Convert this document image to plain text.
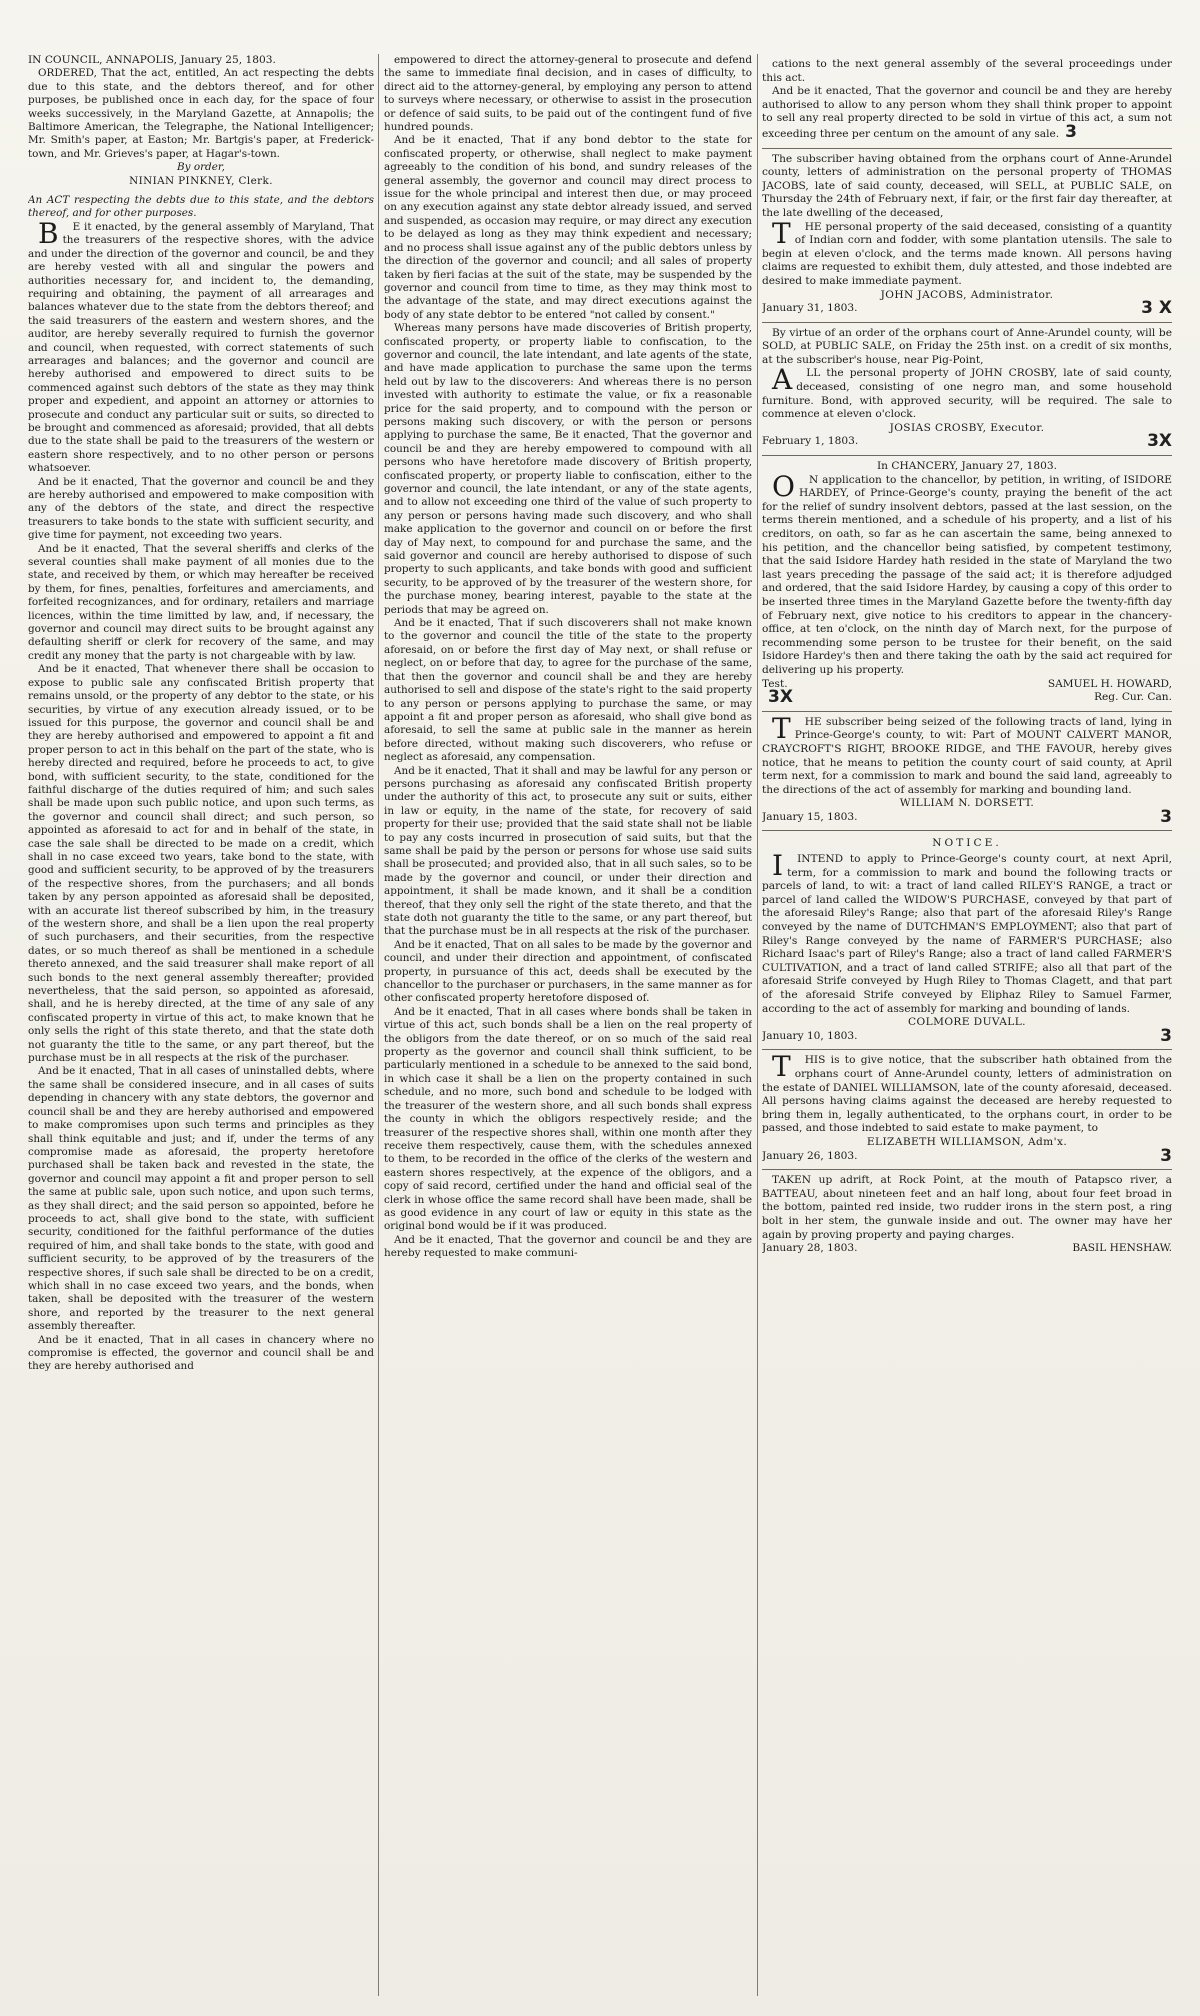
IN COUNCIL, ANNAPOLIS, January 25, 1803.

ORDERED, That the act, entitled, An act respecting the debts due to this state, and the debtors thereof, and for other purposes, be published once in each day, for the space of four weeks successively, in the Maryland Gazette, at Annapolis; the Baltimore American, the Telegraphe, the National Intelligencer; Mr. Smith's paper, at Easton; Mr. Bartgis's paper, at Frederick-town, and Mr. Grieves's paper, at Hagar's-town.

By order,

NINIAN PINKNEY, Clerk.

An ACT respecting the debts due to this state, and the debtors thereof, and for other purposes.

B E it enacted, by the general assembly of Maryland, That the treasurers of the respective shores, with the advice and under the direction of the governor and council, be and they are hereby vested with all and singular the powers and authorities necessary for, and incident to, the demanding, requiring and obtaining, the payment of all arrearages and balances whatever due to the state from the debtors thereof; and the said treasurers of the eastern and western shores, and the auditor, are hereby severally required to furnish the governor and council, when requested, with correct statements of such arrearages and balances; and the governor and council are hereby authorised and empowered to direct suits to be commenced against such debtors of the state as they may think proper and expedient, and appoint an attorney or attornies to prosecute and conduct any particular suit or suits, so directed to be brought and commenced as aforesaid; provided, that all debts due to the state shall be paid to the treasurers of the western or eastern shore respectively, and to no other person or persons whatsoever.

And be it enacted, That the governor and council be and they are hereby authorised and empowered to make composition with any of the debtors of the state, and direct the respective treasurers to take bonds to the state with sufficient security, and give time for payment, not exceeding two years.

And be it enacted, That the several sheriffs and clerks of the several counties shall make payment of all monies due to the state, and received by them, or which may hereafter be received by them, for fines, penalties, forfeitures and amerciaments, and forfeited recognizances, and for ordinary, retailers and marriage licences, within the time limitted by law, and, if necessary, the governor and council may direct suits to be brought against any defaulting sheriff or clerk for recovery of the same, and may credit any money that the party is not chargeable with by law.

And be it enacted, That whenever there shall be occasion to expose to public sale any confiscated British property that remains unsold, or the property of any debtor to the state, or his securities, by virtue of any execution already issued, or to be issued for this purpose, the governor and council shall be and they are hereby authorised and empowered to appoint a fit and proper person to act in this behalf on the part of the state, who is hereby directed and required, before he proceeds to act, to give bond, with sufficient security, to the state, conditioned for the faithful discharge of the duties required of him; and such sales shall be made upon such public notice, and upon such terms, as the governor and council shall direct; and such person, so appointed as aforesaid to act for and in behalf of the state, in case the sale shall be directed to be made on a credit, which shall in no case exceed two years, take bond to the state, with good and sufficient security, to be approved of by the treasurers of the respective shores, from the purchasers; and all bonds taken by any person appointed as aforesaid shall be deposited, with an accurate list thereof subscribed by him, in the treasury of the western shore, and shall be a lien upon the real property of such purchasers, and their securities, from the respective dates, or so much thereof as shall be mentioned in a schedule thereto annexed, and the said treasurer shall make report of all such bonds to the next general assembly thereafter; provided nevertheless, that the said person, so appointed as aforesaid, shall, and he is hereby directed, at the time of any sale of any confiscated property in virtue of this act, to make known that he only sells the right of this state thereto, and that the state doth not guaranty the title to the same, or any part thereof, but the purchase must be in all respects at the risk of the purchaser.

And be it enacted, That in all cases of uninstalled debts, where the same shall be considered insecure, and in all cases of suits depending in chancery with any state debtors, the governor and council shall be and they are hereby authorised and empowered to make compromises upon such terms and principles as they shall think equitable and just; and if, under the terms of any compromise made as aforesaid, the property heretofore purchased shall be taken back and revested in the state, the governor and council may appoint a fit and proper person to sell the same at public sale, upon such notice, and upon such terms, as they shall direct; and the said person so appointed, before he proceeds to act, shall give bond to the state, with sufficient security, conditioned for the faithful performance of the duties required of him, and shall take bonds to the state, with good and sufficient security, to be approved of by the treasurers of the respective shores, if such sale shall be directed to be on a credit, which shall in no case exceed two years, and the bonds, when taken, shall be deposited with the treasurer of the western shore, and reported by the treasurer to the next general assembly thereafter.

And be it enacted, That in all cases in chancery where no compromise is effected, the governor and council shall be and they are hereby authorised and

empowered to direct the attorney-general to prosecute and defend the same to immediate final decision, and in cases of difficulty, to direct aid to the attorney-general, by employing any person to attend to surveys where necessary, or otherwise to assist in the prosecution or defence of said suits, to be paid out of the contingent fund of five hundred pounds.

And be it enacted, That if any bond debtor to the state for confiscated property, or otherwise, shall neglect to make payment agreeably to the condition of his bond, and sundry releases of the general assembly, the governor and council may direct process to issue for the whole principal and interest then due, or may proceed on any execution against any state debtor already issued, and served and suspended, as occasion may require, or may direct any execution to be delayed as long as they may think expedient and necessary; and no process shall issue against any of the public debtors unless by the direction of the governor and council; and all sales of property taken by fieri facias at the suit of the state, may be suspended by the governor and council from time to time, as they may think most to the advantage of the state, and may direct executions against the body of any state debtor to be entered "not called by consent."

Whereas many persons have made discoveries of British property, confiscated property, or property liable to confiscation, to the governor and council, the late intendant, and late agents of the state, and have made application to purchase the same upon the terms held out by law to the discoverers: And whereas there is no person invested with authority to estimate the value, or fix a reasonable price for the said property, and to compound with the person or persons making such discovery, or with the person or persons applying to purchase the same, Be it enacted, That the governor and council be and they are hereby empowered to compound with all persons who have heretofore made discovery of British property, confiscated property, or property liable to confiscation, either to the governor and council, the late intendant, or any of the state agents, and to allow not exceeding one third of the value of such property to any person or persons having made such discovery, and who shall make application to the governor and council on or before the first day of May next, to compound for and purchase the same, and the said governor and council are hereby authorised to dispose of such property to such applicants, and take bonds with good and sufficient security, to be approved of by the treasurer of the western shore, for the purchase money, bearing interest, payable to the state at the periods that may be agreed on.

And be it enacted, That if such discoverers shall not make known to the governor and council the title of the state to the property aforesaid, on or before the first day of May next, or shall refuse or neglect, on or before that day, to agree for the purchase of the same, that then the governor and council shall be and they are hereby authorised to sell and dispose of the state's right to the said property to any person or persons applying to purchase the same, or may appoint a fit and proper person as aforesaid, who shall give bond as aforesaid, to sell the same at public sale in the manner as herein before directed, without making such discoverers, who refuse or neglect as aforesaid, any compensation.

And be it enacted, That it shall and may be lawful for any person or persons purchasing as aforesaid any confiscated British property under the authority of this act, to prosecute any suit or suits, either in law or equity, in the name of the state, for recovery of said property for their use; provided that the said state shall not be liable to pay any costs incurred in prosecution of said suits, but that the same shall be paid by the person or persons for whose use said suits shall be prosecuted; and provided also, that in all such sales, so to be made by the governor and council, or under their direction and appointment, it shall be made known, and it shall be a condition thereof, that they only sell the right of the state thereto, and that the state doth not guaranty the title to the same, or any part thereof, but that the purchase must be in all respects at the risk of the purchaser.

And be it enacted, That on all sales to be made by the governor and council, and under their direction and appointment, of confiscated property, in pursuance of this act, deeds shall be executed by the chancellor to the purchaser or purchasers, in the same manner as for other confiscated property heretofore disposed of.

And be it enacted, That in all cases where bonds shall be taken in virtue of this act, such bonds shall be a lien on the real property of the obligors from the date thereof, or on so much of the said real property as the governor and council shall think sufficient, to be particularly mentioned in a schedule to be annexed to the said bond, in which case it shall be a lien on the property contained in such schedule, and no more, such bond and schedule to be lodged with the treasurer of the western shore, and all such bonds shall express the county in which the obligors respectively reside; and the treasurer of the respective shores shall, within one month after they receive them respectively, cause them, with the schedules annexed to them, to be recorded in the office of the clerks of the western and eastern shores respectively, at the expence of the obligors, and a copy of said record, certified under the hand and official seal of the clerk in whose office the same record shall have been made, shall be as good evidence in any court of law or equity in this state as the original bond would be if it was produced.

And be it enacted, That the governor and council be and they are hereby requested to make communi-

cations to the next general assembly of the several proceedings under this act.

And be it enacted, That the governor and council be and they are hereby authorised to allow to any person whom they shall think proper to appoint to sell any real property directed to be sold in virtue of this act, a sum not exceeding three per centum on the amount of any sale. 3

The subscriber having obtained from the orphans court of Anne-Arundel county, letters of administration on the personal property of THOMAS JACOBS, late of said county, deceased, will SELL, at PUBLIC SALE, on Thursday the 24th of February next, if fair, or the first fair day thereafter, at the late dwelling of the deceased,

T HE personal property of the said deceased, consisting of a quantity of Indian corn and fodder, with some plantation utensils. The sale to begin at eleven o'clock, and the terms made known. All persons having claims are requested to exhibit them, duly attested, and those indebted are desired to make immediate payment.

JOHN JACOBS, Administrator.

January 31, 1803.	3 X

By virtue of an order of the orphans court of Anne-Arundel county, will be SOLD, at PUBLIC SALE, on Friday the 25th inst. on a credit of six months, at the subscriber's house, near Pig-Point,

A LL the personal property of JOHN CROSBY, late of said county, deceased, consisting of one negro man, and some household furniture. Bond, with approved security, will be required. The sale to commence at eleven o'clock.

JOSIAS CROSBY, Executor.

February 1, 1803.	3X

In CHANCERY, January 27, 1803.

O N application to the chancellor, by petition, in writing, of ISIDORE HARDEY, of Prince-George's county, praying the benefit of the act for the relief of sundry insolvent debtors, passed at the last session, on the terms therein mentioned, and a schedule of his property, and a list of his creditors, on oath, so far as he can ascertain the same, being annexed to his petition, and the chancellor being satisfied, by competent testimony, that the said Isidore Hardey hath resided in the state of Maryland the two last years preceding the passage of the said act; it is therefore adjudged and ordered, that the said Isidore Hardey, by causing a copy of this order to be inserted three times in the Maryland Gazette before the twenty-fifth day of February next, give notice to his creditors to appear in the chancery-office, at ten o'clock, on the ninth day of March next, for the purpose of recommending some person to be trustee for their benefit, on the said Isidore Hardey's then and there taking the oath by the said act required for delivering up his property.

Test.	SAMUEL H. HOWARD,

3X	Reg. Cur. Can.

T HE subscriber being seized of the following tracts of land, lying in Prince-George's county, to wit: Part of MOUNT CALVERT MANOR, CRAYCROFT'S RIGHT, BROOKE RIDGE, and THE FAVOUR, hereby gives notice, that he means to petition the county court of said county, at April term next, for a commission to mark and bound the said land, agreeably to the directions of the act of assembly for marking and bounding land.

WILLIAM N. DORSETT.

January 15, 1803.	3

NOTICE.

I INTEND to apply to Prince-George's county court, at next April, term, for a commission to mark and bound the following tracts or parcels of land, to wit: a tract of land called RILEY'S RANGE, a tract or parcel of land called the WIDOW'S PURCHASE, conveyed by that part of the aforesaid Riley's Range; also that part of the aforesaid Riley's Range conveyed by the name of DUTCHMAN'S EMPLOYMENT; also that part of Riley's Range conveyed by the name of FARMER'S PURCHASE; also Richard Isaac's part of Riley's Range; also a tract of land called FARMER'S CULTIVATION, and a tract of land called STRIFE; also all that part of the aforesaid Strife conveyed by Hugh Riley to Thomas Clagett, and that part of the aforesaid Strife conveyed by Eliphaz Riley to Samuel Farmer, according to the act of assembly for marking and bounding of lands.

COLMORE DUVALL.

January 10, 1803.	3

T HIS is to give notice, that the subscriber hath obtained from the orphans court of Anne-Arundel county, letters of administration on the estate of DANIEL WILLIAMSON, late of the county aforesaid, deceased. All persons having claims against the deceased are hereby requested to bring them in, legally authenticated, to the orphans court, in order to be passed, and those indebted to said estate to make payment, to

ELIZABETH WILLIAMSON, Adm'x.

January 26, 1803.	3

TAKEN up adrift, at Rock Point, at the mouth of Patapsco river, a BATTEAU, about nineteen feet and an half long, about four feet broad in the bottom, painted red inside, two rudder irons in the stern post, a ring bolt in her stem, the gunwale inside and out. The owner may have her again by proving property and paying charges.

January 28, 1803.	BASIL HENSHAW.
